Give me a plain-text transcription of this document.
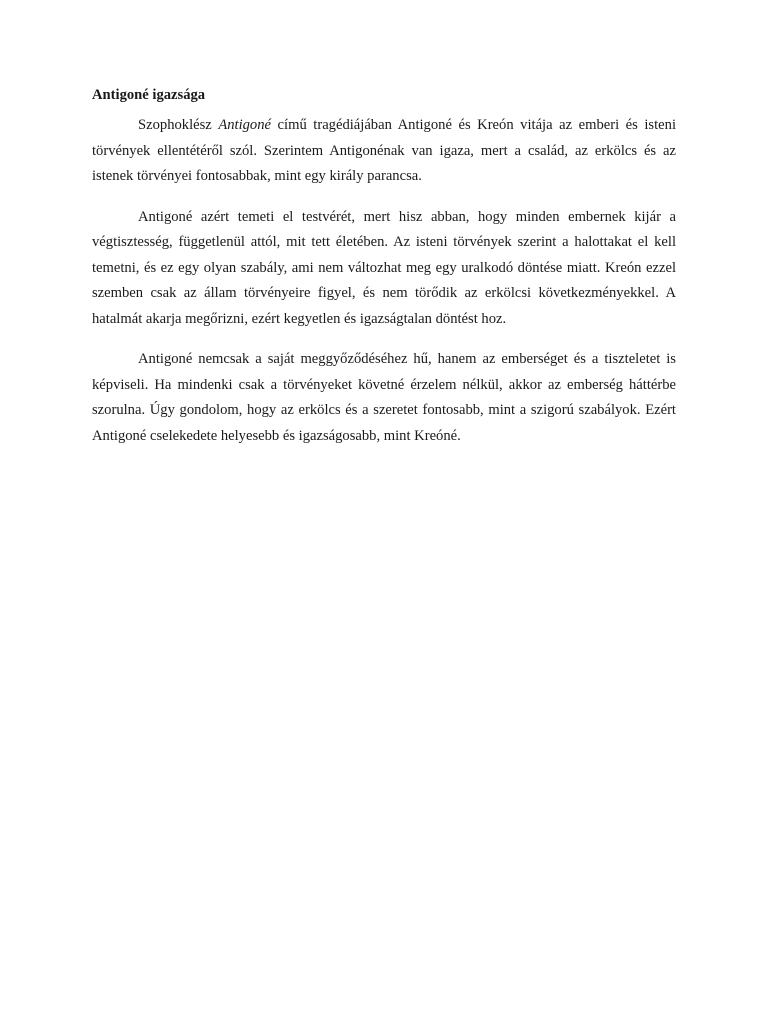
Antigoné igazsága

Szophoklész Antigoné című tragédiájában Antigoné és Kreón vitája az emberi és isteni törvények ellentétéről szól. Szerintem Antigonénak van igaza, mert a család, az erkölcs és az istenek törvényei fontosabbak, mint egy király parancsa.

Antigoné azért temeti el testvérét, mert hisz abban, hogy minden embernek kijár a végtisztesség, függetlenül attól, mit tett életében. Az isteni törvények szerint a halottakat el kell temetni, és ez egy olyan szabály, ami nem változhat meg egy uralkodó döntése miatt. Kreón ezzel szemben csak az állam törvényeire figyel, és nem törődik az erkölcsi következményekkel. A hatalmát akarja megőrizni, ezért kegyetlen és igazságtalan döntést hoz.

Antigoné nemcsak a saját meggyőződéséhez hű, hanem az emberséget és a tiszteletet is képviseli. Ha mindenki csak a törvényeket követné érzelem nélkül, akkor az emberség háttérbe szorulna. Úgy gondolom, hogy az erkölcs és a szeretet fontosabb, mint a szigorú szabályok. Ezért Antigoné cselekedete helyesebb és igazságosabb, mint Kreóné.
